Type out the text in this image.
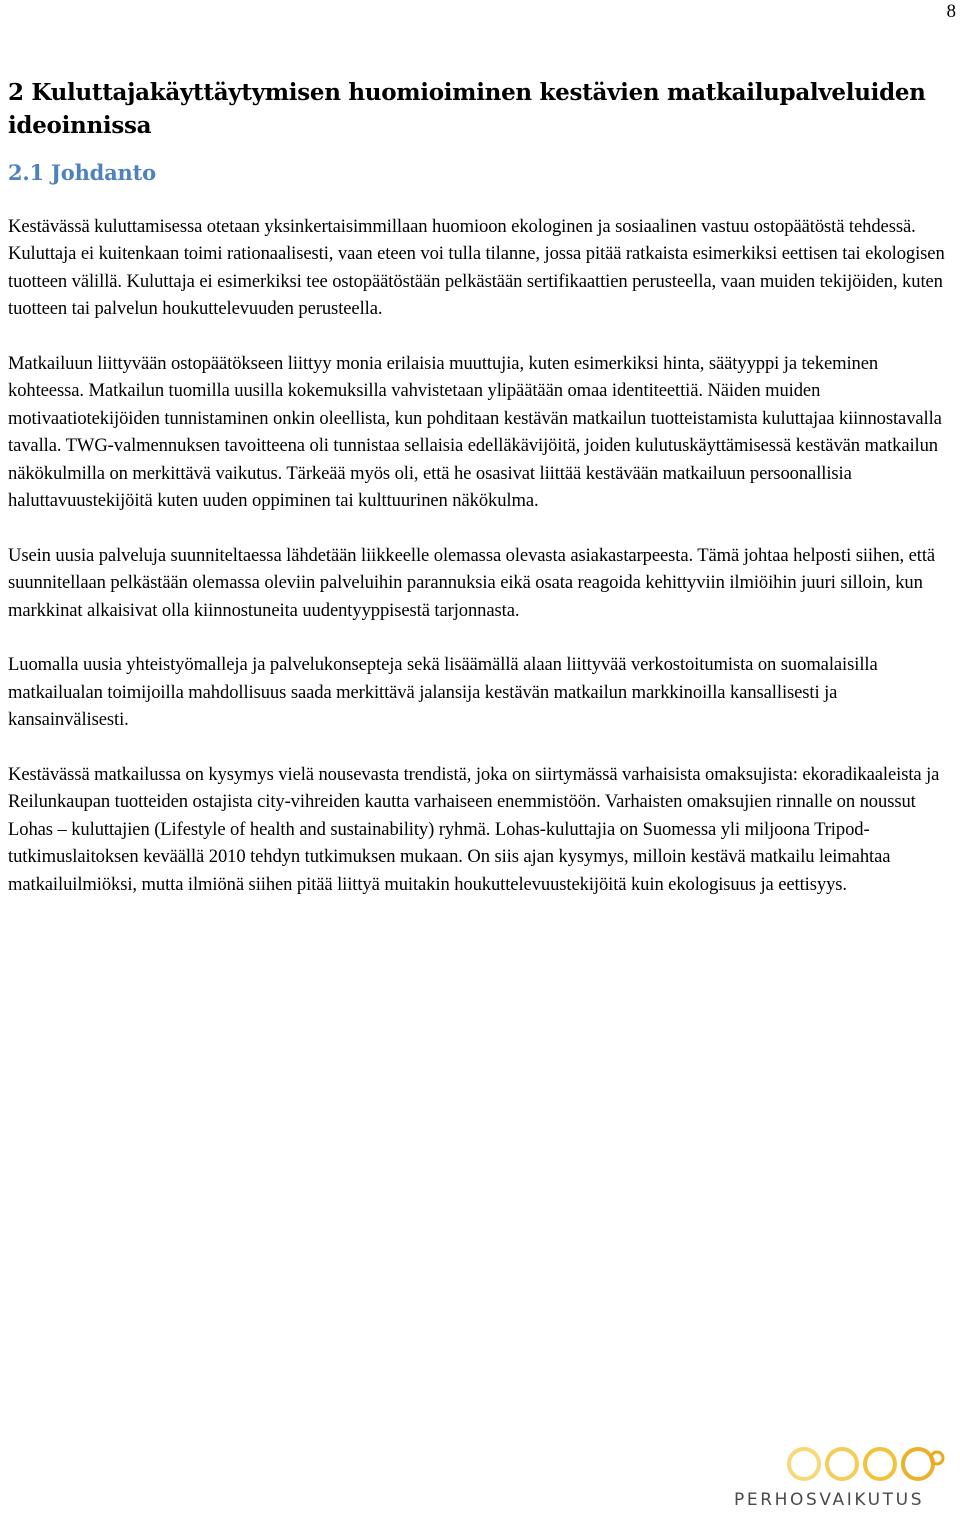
8
2 Kuluttajakäyttäytymisen huomioiminen kestävien matkailupalveluiden ideoinnissa
2.1 Johdanto
Kestävässä kuluttamisessa otetaan yksinkertaisimmillaan huomioon ekologinen ja sosiaalinen vastuu ostopäätöstä tehdessä. Kuluttaja ei kuitenkaan toimi rationaalisesti, vaan eteen voi tulla tilanne, jossa pitää ratkaista esimerkiksi eettisen tai ekologisen tuotteen välillä. Kuluttaja ei esimerkiksi tee ostopäätöstään pelkästään sertifikaattien perusteella, vaan muiden tekijöiden, kuten tuotteen tai palvelun houkuttelevuuden perusteella.
Matkailuun liittyvään ostopäätökseen liittyy monia erilaisia muuttujia, kuten esimerkiksi hinta, säätyyppi ja tekeminen kohteessa. Matkailun tuomilla uusilla kokemuksilla vahvistetaan ylipäätään omaa identiteettiä. Näiden muiden motivaatiotekijöiden tunnistaminen onkin oleellista, kun pohditaan kestävän matkailun tuotteistamista kuluttajaa kiinnostavalla tavalla. TWG-valmennuksen tavoitteena oli tunnistaa sellaisia edelläkävijöitä, joiden kulutuskäyttämisessä kestävän matkailun näkökulmilla on merkittävä vaikutus. Tärkeää myös oli, että he osasivat liittää kestävään matkailuun persoonallisia haluttavuustekijöitä kuten uuden oppiminen tai kulttuurinen näkökulma.
Usein uusia palveluja suunniteltaessa lähdetään liikkeelle olemassa olevasta asiakastarpeesta. Tämä johtaa helposti siihen, että suunnitellaan pelkästään olemassa oleviin palveluihin parannuksia eikä osata reagoida kehittyviin ilmiöihin juuri silloin, kun markkinat alkaisivat olla kiinnostuneita uudentyyppisestä tarjonnasta.
Luomalla uusia yhteistyömalleja ja palvelukonsepteja sekä lisäämällä alaan liittyvää verkostoitumista on suomalaisilla matkailualan toimijoilla mahdollisuus saada merkittävä jalansija kestävän matkailun markkinoilla kansallisesti ja kansainvälisesti.
Kestävässä matkailussa on kysymys vielä nousevasta trendistä, joka on siirtymässä varhaisista omaksujista: ekoradikaaleista ja Reilunkaupan tuotteiden ostajista city-vihreiden kautta varhaiseen enemmistöön. Varhaisten omaksujien rinnalle on noussut Lohas – kuluttajien (Lifestyle of health and sustainability) ryhmä. Lohas-kuluttajia on Suomessa yli miljoona Tripod-tutkimuslaitoksen keväällä 2010 tehdyn tutkimuksen mukaan. On siis ajan kysymys, milloin kestävä matkailu leimahtaa matkailuilmiöksi, mutta ilmiönä siihen pitää liittyä muitakin houkuttelevuustekijöitä kuin ekologisuus ja eettisyys.
PERHOSVAIKUTUS
